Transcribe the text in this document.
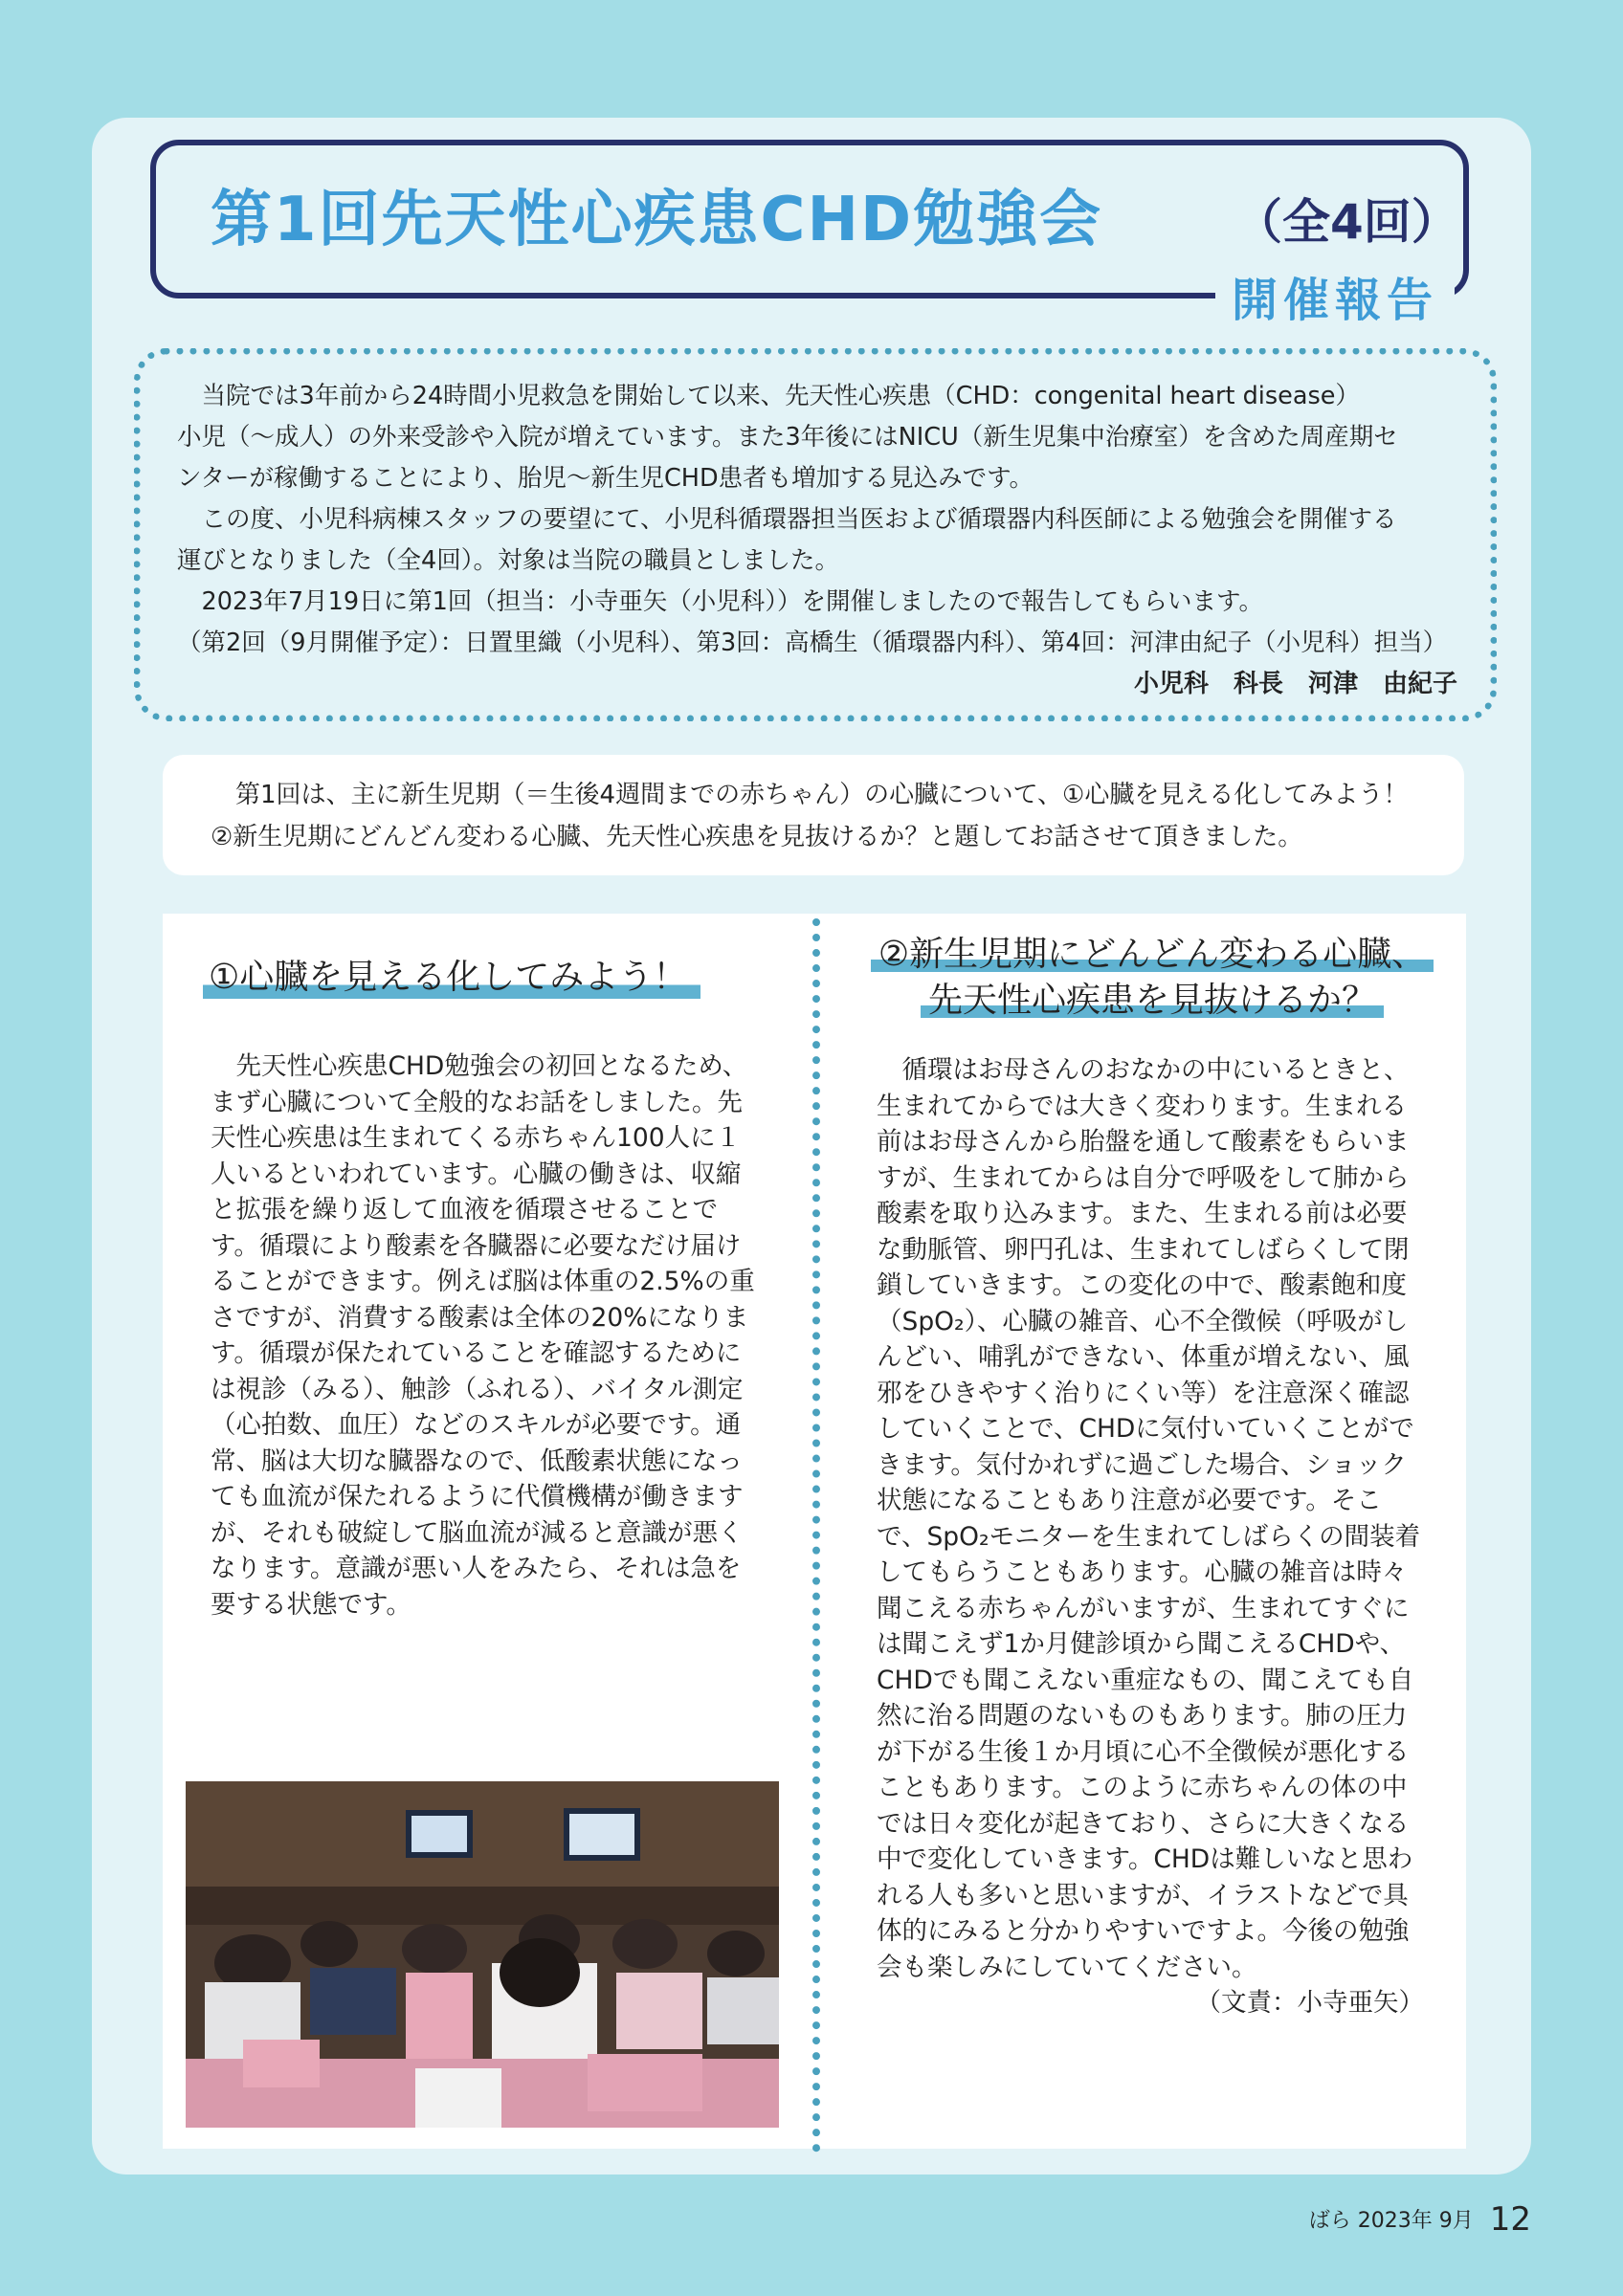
第1回先天性心疾患CHD勉強会	（全4回）
開催報告

　当院では3年前から24時間小児救急を開始して以来、先天性心疾患（CHD：congenital heart disease）

小児（～成人）の外来受診や入院が増えています。また3年後にはNICU（新生児集中治療室）を含めた周産期セ

ンターが稼働することにより、胎児～新生児CHD患者も増加する見込みです。

　この度、小児科病棟スタッフの要望にて、小児科循環器担当医および循環器内科医師による勉強会を開催する

運びとなりました（全4回）。対象は当院の職員としました。

　2023年7月19日に第1回（担当：小寺亜矢（小児科））を開催しましたので報告してもらいます。

（第2回（9月開催予定）：日置里織（小児科）、第3回：高橋生（循環器内科）、第4回：河津由紀子（小児科）担当）

小児科　科長　河津　由紀子

　第1回は、主に新生児期（＝生後4週間までの赤ちゃん）の心臓について、①心臓を見える化してみよう！

②新生児期にどんどん変わる心臓、先天性心疾患を見抜けるか？と題してお話させて頂きました。

①心臓を見える化してみよう！

先天性心疾患CHD勉強会の初回となるため、まず心臓について全般的なお話をしました。先天性心疾患は生まれてくる赤ちゃん100人に１人いるといわれています。心臓の働きは、収縮と拡張を繰り返して血液を循環させることです。循環により酸素を各臓器に必要なだけ届けることができます。例えば脳は体重の2.5%の重さですが、消費する酸素は全体の20%になります。循環が保たれていることを確認するためには視診（みる）、触診（ふれる）、バイタル測定（心拍数、血圧）などのスキルが必要です。通常、脳は大切な臓器なので、低酸素状態になっても血流が保たれるように代償機構が働きますが、それも破綻して脳血流が減ると意識が悪くなります。意識が悪い人をみたら、それは急を要する状態です。

②新生児期にどんどん変わる心臓、
先天性心疾患を見抜けるか？

循環はお母さんのおなかの中にいるときと、生まれてからでは大きく変わります。生まれる前はお母さんから胎盤を通して酸素をもらいますが、生まれてからは自分で呼吸をして肺から酸素を取り込みます。また、生まれる前は必要な動脈管、卵円孔は、生まれてしばらくして閉鎖していきます。この変化の中で、酸素飽和度（SpO₂）、心臓の雑音、心不全徴候（呼吸がしんどい、哺乳ができない、体重が増えない、風邪をひきやすく治りにくい等）を注意深く確認していくことで、CHDに気付いていくことができます。気付かれずに過ごした場合、ショック状態になることもあり注意が必要です。そこで、SpO₂モニターを生まれてしばらくの間装着してもらうこともあります。心臓の雑音は時々聞こえる赤ちゃんがいますが、生まれてすぐには聞こえず1か月健診頃から聞こえるCHDや、CHDでも聞こえない重症なもの、聞こえても自然に治る問題のないものもあります。肺の圧力が下がる生後１か月頃に心不全徴候が悪化することもあります。このように赤ちゃんの体の中では日々変化が起きており、さらに大きくなる中で変化していきます。CHDは難しいなと思われる人も多いと思いますが、イラストなどで具体的にみると分かりやすいですよ。今後の勉強会も楽しみにしていてください。

（文責：小寺亜矢）

ばら 2023年 9月 12
